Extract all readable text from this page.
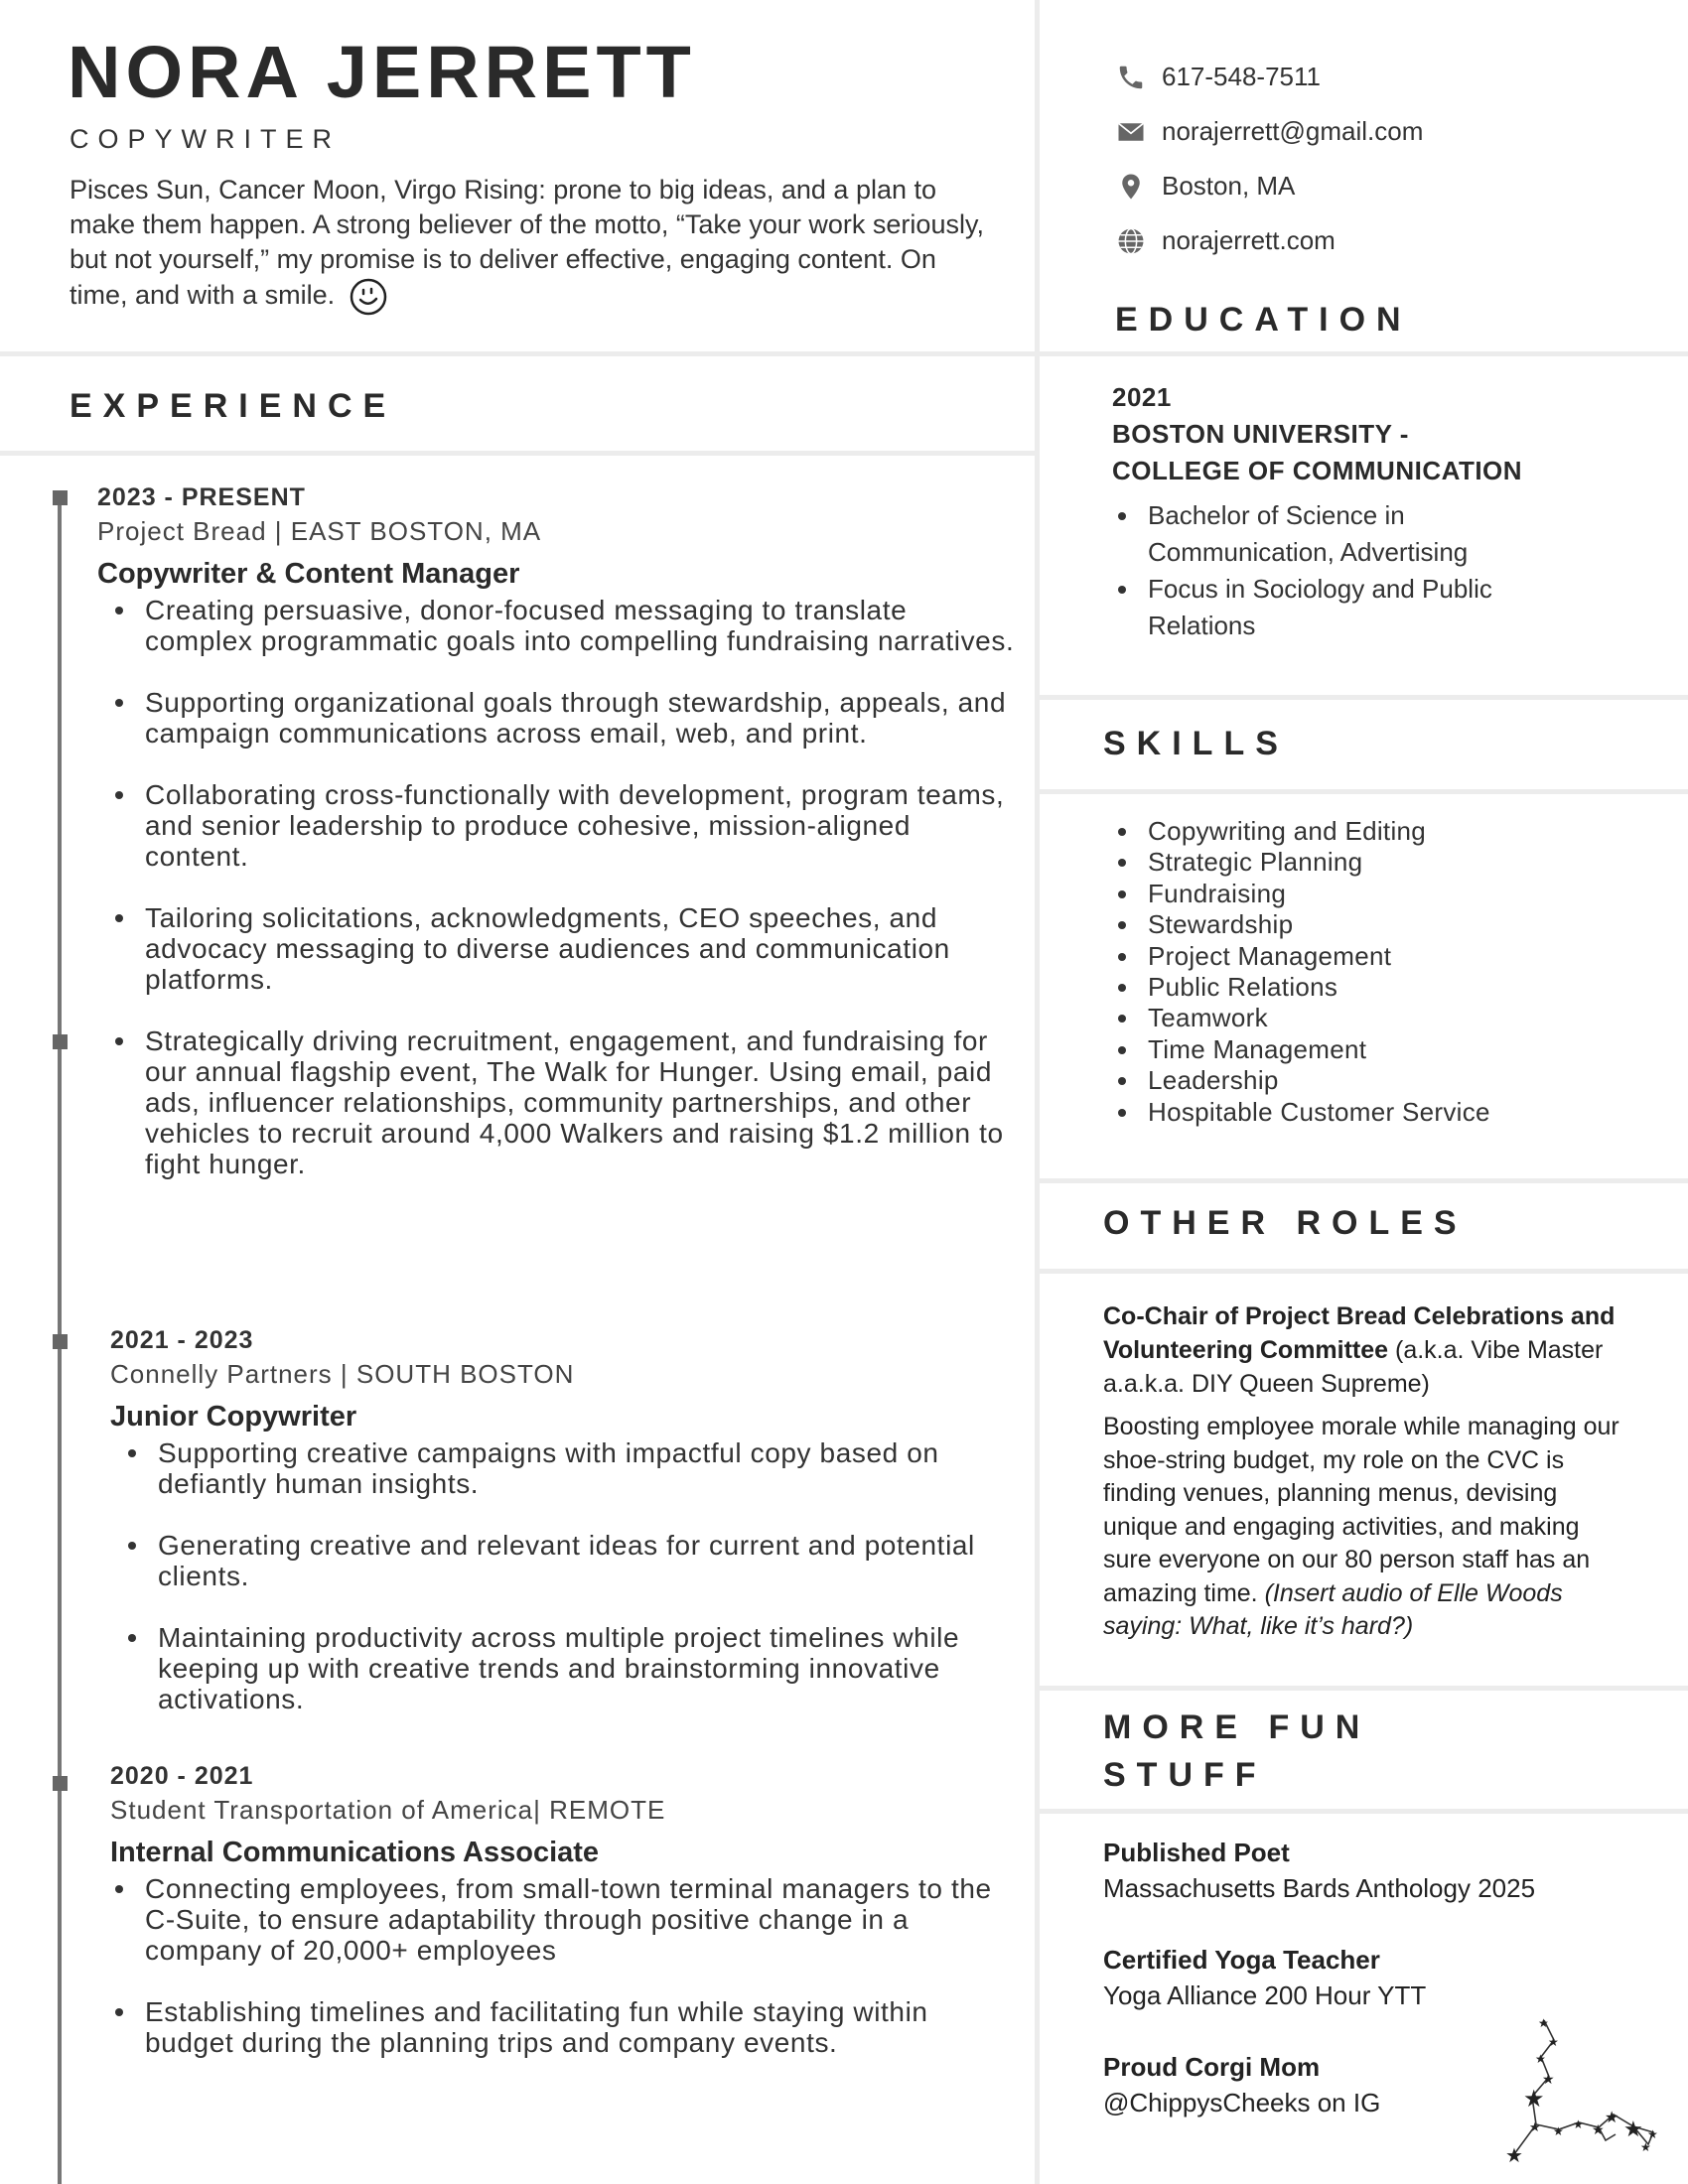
NORA JERRETT
COPYWRITER
Pisces Sun, Cancer Moon, Virgo Rising: prone to big ideas, and a plan to make them happen. A strong believer of the motto, “Take your work seriously, but not yourself,” my promise is to deliver effective, engaging content. On time, and with a smile.
617-548-7511
norajerrett@gmail.com
Boston, MA
norajerrett.com
EXPERIENCE
EDUCATION
SKILLS
OTHER ROLES
MORE FUN
STUFF
2023 - PRESENT
Project Bread | EAST BOSTON, MA
Copywriter & Content Manager
Creating persuasive, donor-focused messaging to translate complex programmatic goals into compelling fundraising narratives.
Supporting organizational goals through stewardship, appeals, and campaign communications across email, web, and print.
Collaborating cross-functionally with development, program teams, and senior leadership to produce cohesive, mission-aligned content.
Tailoring solicitations, acknowledgments, CEO speeches, and advocacy messaging to diverse audiences and communication platforms.
Strategically driving recruitment, engagement, and fundraising for our annual flagship event, The Walk for Hunger. Using email, paid ads, influencer relationships, community partnerships, and other vehicles to recruit around 4,000 Walkers and raising $1.2 million to fight hunger.
2021 - 2023
Connelly Partners | SOUTH BOSTON
Junior Copywriter
Supporting creative campaigns with impactful copy based on defiantly human insights.
Generating creative and relevant ideas for current and potential clients.
Maintaining productivity across multiple project timelines while keeping up with creative trends and brainstorming innovative activations.
2020 - 2021
Student Transportation of America| REMOTE
Internal Communications Associate
Connecting employees, from small-town terminal managers to the C-Suite, to ensure adaptability through positive change in a company of 20,000+ employees
Establishing timelines and facilitating fun while staying within budget during the planning trips and company events.
2021
BOSTON UNIVERSITY -
COLLEGE OF COMMUNICATION
Bachelor of Science in Communication, Advertising
Focus in Sociology and Public Relations
Copywriting and Editing
Strategic Planning
Fundraising
Stewardship
Project Management
Public Relations
Teamwork
Time Management
Leadership
Hospitable Customer Service

Co-Chair of Project Bread Celebrations and Volunteering Committee (a.k.a. Vibe Master a.a.k.a. DIY Queen Supreme)

Boosting employee morale while managing our shoe-string budget, my role on the CVC is finding venues, planning menus, devising unique and engaging activities, and making sure everyone on our 80 person staff has an amazing time. (Insert audio of Elle Woods saying: What, like it’s hard?)

Published Poet
Massachusetts Bards Anthology 2025
Certified Yoga Teacher
Yoga Alliance 200 Hour YTT
Proud Corgi Mom
@ChippysCheeks on IG
★
★
★
★
★
★
★
★ ★ ★
★
★ ★
★
